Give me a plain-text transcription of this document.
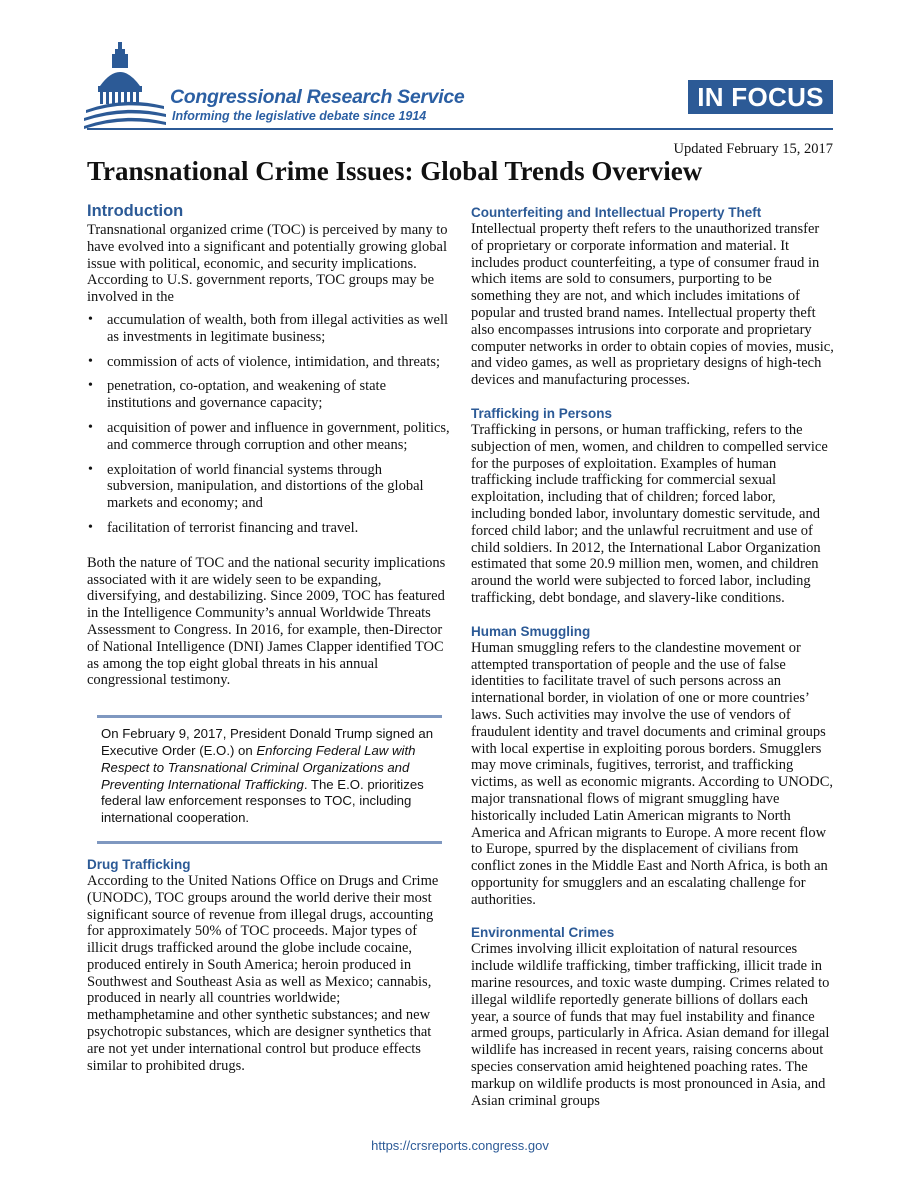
Congressional Research Service
Informing the legislative debate since 1914
IN FOCUS
Updated February 15, 2017
Transnational Crime Issues: Global Trends Overview
Introduction

Transnational organized crime (TOC) is perceived by many to have evolved into a significant and potentially growing global issue with political, economic, and security implications. According to U.S. government reports, TOC groups may be involved in the

• accumulation of wealth, both from illegal activities as well as investments in legitimate business;
• commission of acts of violence, intimidation, and threats;
• penetration, co-optation, and weakening of state institutions and governance capacity;
• acquisition of power and influence in government, politics, and commerce through corruption and other means;
• exploitation of world financial systems through subversion, manipulation, and distortions of the global markets and economy; and
• facilitation of terrorist financing and travel.

Both the nature of TOC and the national security implications associated with it are widely seen to be expanding, diversifying, and destabilizing. Since 2009, TOC has featured in the Intelligence Community’s annual Worldwide Threats Assessment to Congress. In 2016, for example, then-Director of National Intelligence (DNI) James Clapper identified TOC as among the top eight global threats in his annual congressional testimony.

On February 9, 2017, President Donald Trump signed an Executive Order (E.O.) on Enforcing Federal Law with Respect to Transnational Criminal Organizations and Preventing International Trafficking. The E.O. prioritizes federal law enforcement responses to TOC, including international cooperation.
Drug Trafficking

According to the United Nations Office on Drugs and Crime (UNODC), TOC groups around the world derive their most significant source of revenue from illegal drugs, accounting for approximately 50% of TOC proceeds. Major types of illicit drugs trafficked around the globe include cocaine, produced entirely in South America; heroin produced in Southwest and Southeast Asia as well as Mexico; cannabis, produced in nearly all countries worldwide; methamphetamine and other synthetic substances; and new psychotropic substances, which are designer synthetics that are not yet under international control but produce effects similar to prohibited drugs.

Counterfeiting and Intellectual Property Theft

Intellectual property theft refers to the unauthorized transfer of proprietary or corporate information and material. It includes product counterfeiting, a type of consumer fraud in which items are sold to consumers, purporting to be something they are not, and which includes imitations of popular and trusted brand names. Intellectual property theft also encompasses intrusions into corporate and proprietary computer networks in order to obtain copies of movies, music, and video games, as well as proprietary designs of high-tech devices and manufacturing processes.

Trafficking in Persons

Trafficking in persons, or human trafficking, refers to the subjection of men, women, and children to compelled service for the purposes of exploitation. Examples of human trafficking include trafficking for commercial sexual exploitation, including that of children; forced labor, including bonded labor, involuntary domestic servitude, and forced child labor; and the unlawful recruitment and use of child soldiers. In 2012, the International Labor Organization estimated that some 20.9 million men, women, and children around the world were subjected to forced labor, including trafficking, debt bondage, and slavery-like conditions.

Human Smuggling

Human smuggling refers to the clandestine movement or attempted transportation of people and the use of false identities to facilitate travel of such persons across an international border, in violation of one or more countries’ laws. Such activities may involve the use of vendors of fraudulent identity and travel documents and criminal groups with local expertise in exploiting porous borders. Smugglers may move criminals, fugitives, terrorist, and trafficking victims, as well as economic migrants. According to UNODC, major transnational flows of migrant smuggling have historically included Latin American migrants to North America and African migrants to Europe. A more recent flow to Europe, spurred by the displacement of civilians from conflict zones in the Middle East and North Africa, is both an opportunity for smugglers and an escalating challenge for authorities.

Environmental Crimes

Crimes involving illicit exploitation of natural resources include wildlife trafficking, timber trafficking, illicit trade in marine resources, and toxic waste dumping. Crimes related to illegal wildlife reportedly generate billions of dollars each year, a source of funds that may fuel instability and finance armed groups, particularly in Africa. Asian demand for illegal wildlife has increased in recent years, raising concerns about species conservation amid heightened poaching rates. The markup on wildlife products is most pronounced in Asia, and Asian criminal groups

https://crsreports.congress.gov
